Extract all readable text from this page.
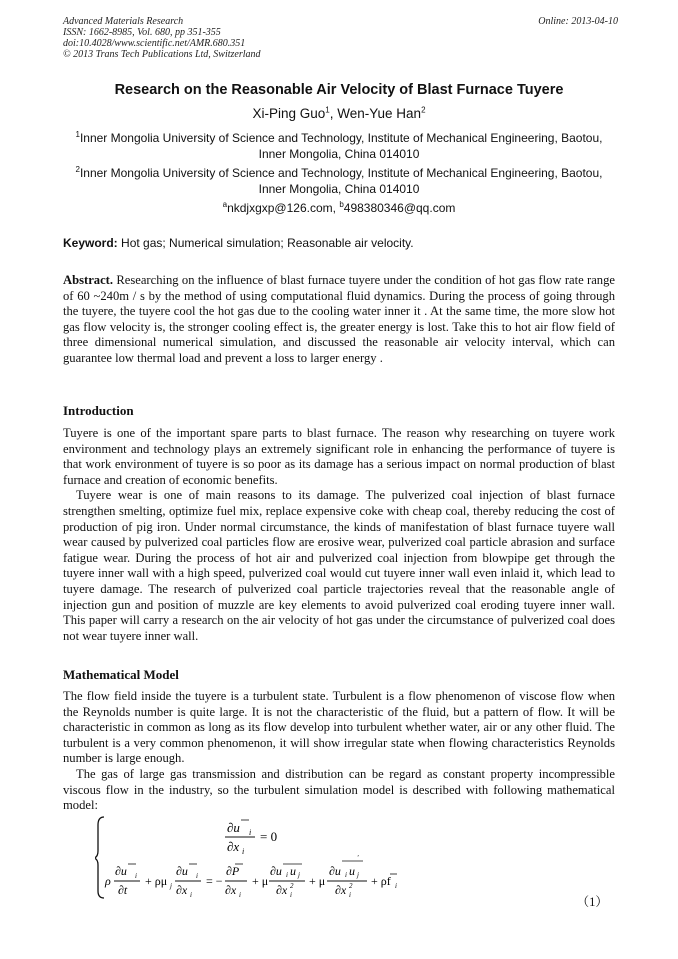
Advanced Materials Research
ISSN: 1662-8985, Vol. 680, pp 351-355
doi:10.4028/www.scientific.net/AMR.680.351
© 2013 Trans Tech Publications Ltd, Switzerland
Online: 2013-04-10
Research on the Reasonable Air Velocity of Blast Furnace Tuyere
Xi-Ping Guo$^1$, Wen-Yue Han$^2$
$^1$Inner Mongolia University of Science and Technology, Institute of Mechanical Engineering, Baotou, Inner Mongolia, China 014010
$^2$Inner Mongolia University of Science and Technology, Institute of Mechanical Engineering, Baotou, Inner Mongolia, China 014010
$^a$nkdjxgxp@126.com, $^b$498380346@qq.com
Keyword: Hot gas; Numerical simulation; Reasonable air velocity.
Abstract. Researching on the influence of blast furnace tuyere under the condition of hot gas flow rate range of 60 ~240m / s by the method of using computational fluid dynamics. During the process of going through the tuyere, the tuyere cool the hot gas due to the cooling water inner it . At the same time, the more slow hot gas flow velocity is, the stronger cooling effect is, the greater energy is lost. Take this to hot air flow field of three dimensional numerical simulation, and discussed the reasonable air velocity interval, which can guarantee low thermal load and prevent a loss to larger energy .
Introduction

Tuyere is one of the important spare parts to blast furnace. The reason why researching on tuyere work environment and technology plays an extremely significant role in enhancing the performance of tuyere is that work environment of tuyere is so poor as its damage has a serious impact on normal production of blast furnace and creation of economic benefits.

Tuyere wear is one of main reasons to its damage. The pulverized coal injection of blast furnace strengthen smelting, optimize fuel mix, replace expensive coke with cheap coal, thereby reducing the cost of production of pig iron. Under normal circumstance, the kinds of manifestation of blast furnace tuyere wall wear caused by pulverized coal particles flow are erosive wear, pulverized coal particle abrasion and surface fatigue wear. During the process of hot air and pulverized coal injection from blowpipe get through the tuyere inner wall with a high speed, pulverized coal would cut tuyere inner wall even inlaid it, which lead to tuyere damage. The research of pulverized coal particle trajectories reveal that the reasonable angle of injection gun and position of muzzle are key elements to avoid pulverized coal eroding tuyere inner wall. This paper will carry a research on the air velocity of hot gas under the circumstance of pulverized coal does not wear tuyere inner wall.

Mathematical Model

The flow field inside the tuyere is a turbulent state. Turbulent is a flow phenomenon of viscose flow when the Reynolds number is quite large. It is not the characteristic of the fluid, but a pattern of flow. It will be characteristic in common as long as its flow develop into turbulent whether water, air or any other fluid. The turbulent is a very common phenomenon, it will show irregular state when flowing characteristics Reynolds number is large enough.

The gas of large gas transmission and distribution can be regard as constant property incompressible viscous flow in the industry, so the turbulent simulation model is described with following mathematical model:

∂u i
∂x i
= 0
ρ
∂u i
∂t
+ ρμ j
∂u i
∂x i
= −
∂P
∂x i
+ μ
∂u i u j
∂x i
2 + μ
∂u i u j
′
∂x i
2 + ρf i
（1）
